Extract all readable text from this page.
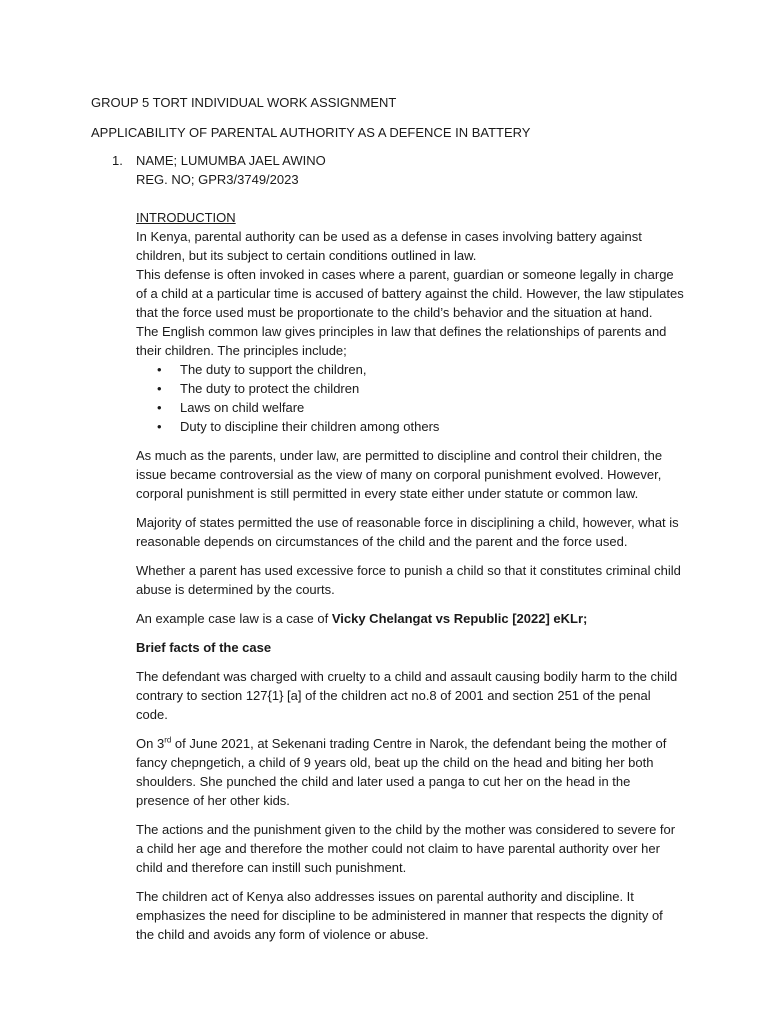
GROUP 5 TORT INDIVIDUAL WORK ASSIGNMENT
APPLICABILITY OF PARENTAL AUTHORITY AS A DEFENCE IN BATTERY
1. NAME; LUMUMBA JAEL AWINO
REG. NO; GPR3/3749/2023

INTRODUCTION

In Kenya, parental authority can be used as a defense in cases involving battery against children, but its subject to certain conditions outlined in law.

This defense is often invoked in cases where a parent, guardian or someone legally in charge of a child at a particular time is accused of battery against the child. However, the law stipulates that the force used must be proportionate to the child’s behavior and the situation at hand.

The English common law gives principles in law that defines the relationships of parents and their children. The principles include;

• The duty to support the children,
• The duty to protect the children
• Laws on child welfare
• Duty to discipline their children among others

As much as the parents, under law, are permitted to discipline and control their children, the issue became controversial as the view of many on corporal punishment evolved. However, corporal punishment is still permitted in every state either under statute or common law.

Majority of states permitted the use of reasonable force in disciplining a child, however, what is reasonable depends on circumstances of the child and the parent and the force used.

Whether a parent has used excessive force to punish a child so that it constitutes criminal child abuse is determined by the courts.

An example case law is a case of Vicky Chelangat vs Republic [2022] eKLr;

Brief facts of the case

The defendant was charged with cruelty to a child and assault causing bodily harm to the child contrary to section 127{1} [a] of the children act no.8 of 2001 and section 251 of the penal code.

On 3rd of June 2021, at Sekenani trading Centre in Narok, the defendant being the mother of fancy chepngetich, a child of 9 years old, beat up the child on the head and biting her both shoulders. She punched the child and later used a panga to cut her on the head in the presence of her other kids.

The actions and the punishment given to the child by the mother was considered to severe for a child her age and therefore the mother could not claim to have parental authority over her child and therefore can instill such punishment.

The children act of Kenya also addresses issues on parental authority and discipline. It emphasizes the need for discipline to be administered in manner that respects the dignity of the child and avoids any form of violence or abuse.
